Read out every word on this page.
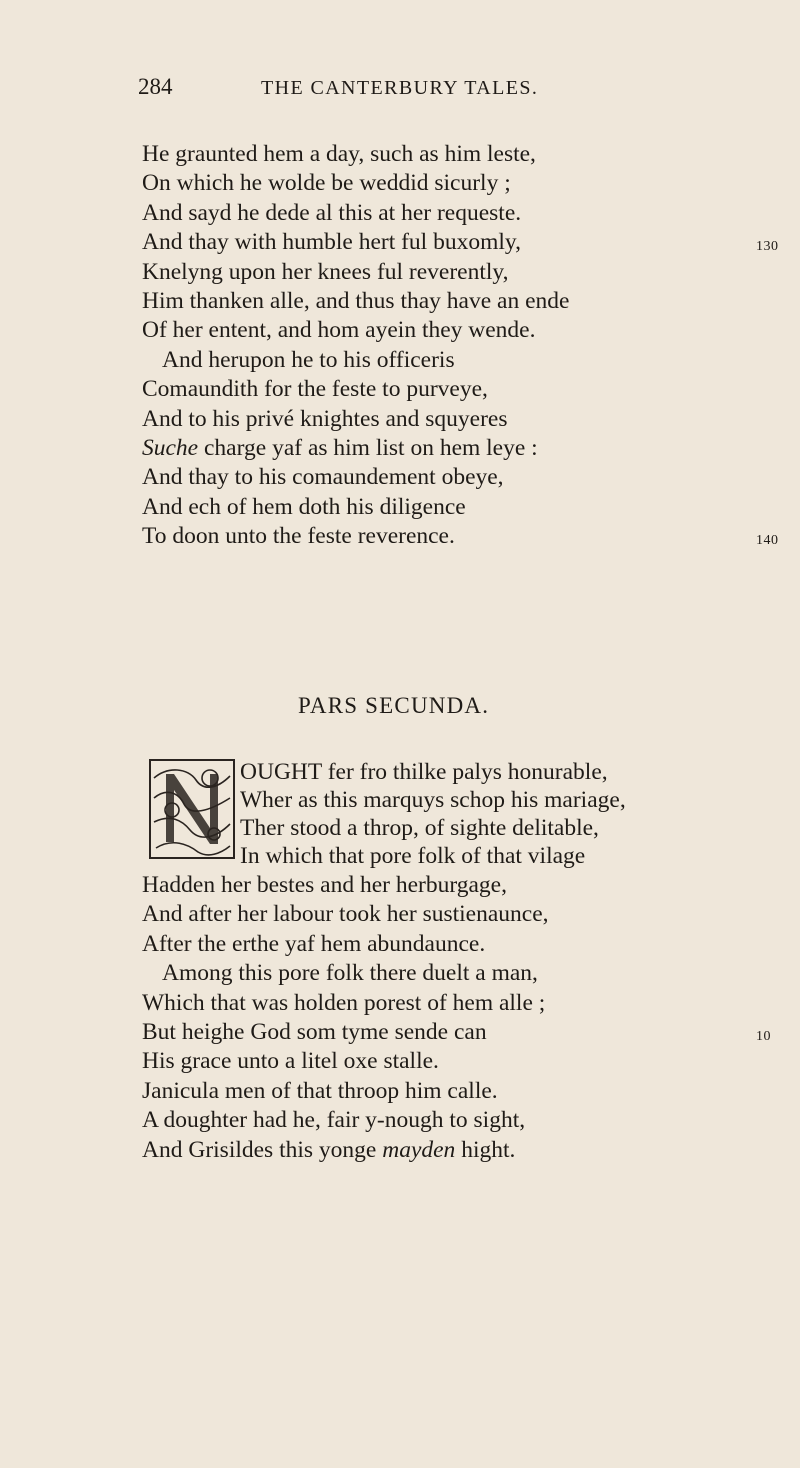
284	THE CANTERBURY TALES.
He graunted hem a day, such as him leste,
On which he wolde be weddid sicurly ;
And sayd he dede al this at her requeste.
And thay with humble hert ful buxomly,	130
Knelyng upon her knees ful reverently,
Him thanken alle, and thus thay have an ende
Of her entent, and hom ayein they wende.
And herupon he to his officeris
Comaundith for the feste to purveye,
And to his privé knightes and squyeres
Suche charge yaf as him list on hem leye :
And thay to his comaundement obeye,
And ech of hem doth his diligence
To doon unto the feste reverence.	140
PARS SECUNDA.
OUGHT fer fro thilke palys honurable,
Wher as this marquys schop his mariage,
Ther stood a throp, of sighte delitable,
In which that pore folk of that vilage
Hadden her bestes and her herburgage,
And after her labour took her sustienaunce,
After the erthe yaf hem abundaunce.
Among this pore folk there duelt a man,
Which that was holden porest of hem alle ;
But heighe God som tyme sende can	10
His grace unto a litel oxe stalle.
Janicula men of that throop him calle.
A doughter had he, fair y-nough to sight,
And Grisildes this yonge mayden hight.
